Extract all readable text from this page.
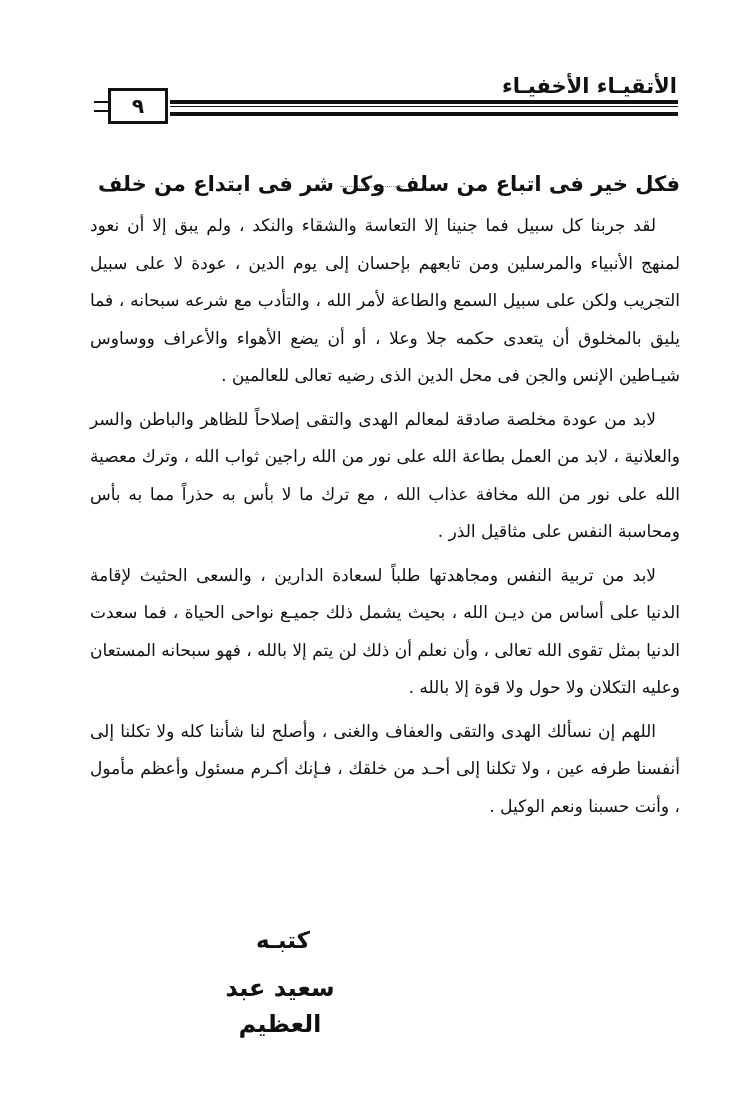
الأتقيـاء الأخفيـاء
٩
فكل خير فى اتباع من سلف
وكل شر فى ابتداع من خلف

لقد جربنا كل سبيل فما جنينا إلا التعاسة والشقاء والنكد ، ولم يبق إلا أن نعود لمنهج الأنبياء والمرسلين ومن تابعهم بإحسان إلى يوم الدين ، عودة لا على سبيل التجريب ولكن على سبيل السمع والطاعة لأمر الله ، والتأدب مع شرعه سبحانه ، فما يليق بالمخلوق أن يتعدى حكمه جلا وعلا ، أو أن يضع الأهواء والأعراف ووساوس شيـاطين الإنس والجن فى محل الدين الذى رضيه تعالى للعالمين .

لابد من عودة مخلصة صادقة لمعالم الهدى والتقى إصلاحاً للظاهر والباطن والسر والعلانية ، لابد من العمل بطاعة الله على نور من الله راجين ثواب الله ، وترك معصية الله على نور من الله مخافة عذاب الله ، مع ترك ما لا بأس به حذراً مما به بأس ومحاسبة النفس على مثاقيل الذر .

لابد من تربية النفس ومجاهدتها طلباً لسعادة الدارين ، والسعى الحثيث لإقامة الدنيا على أساس من ديـن الله ، بحيث يشمل ذلك جميـع نواحى الحياة ، فما سعدت الدنيا بمثل تقوى الله تعالى ، وأن نعلم أن ذلك لن يتم إلا بالله ، فهو سبحانه المستعان وعليه التكلان ولا حول ولا قوة إلا بالله .

اللهم إن نسألك الهدى والتقى والعفاف والغنى ، وأصلح لنا شأننا كله ولا تكلنا إلى أنفسنا طرفه عين ، ولا تكلنا إلى أحـد من خلقك ، فـإنك أكـرم مسئول وأعظم مأمول ، وأنت حسبنا ونعم الوكيل .

كتبـه
سعيد عبد العظيم
